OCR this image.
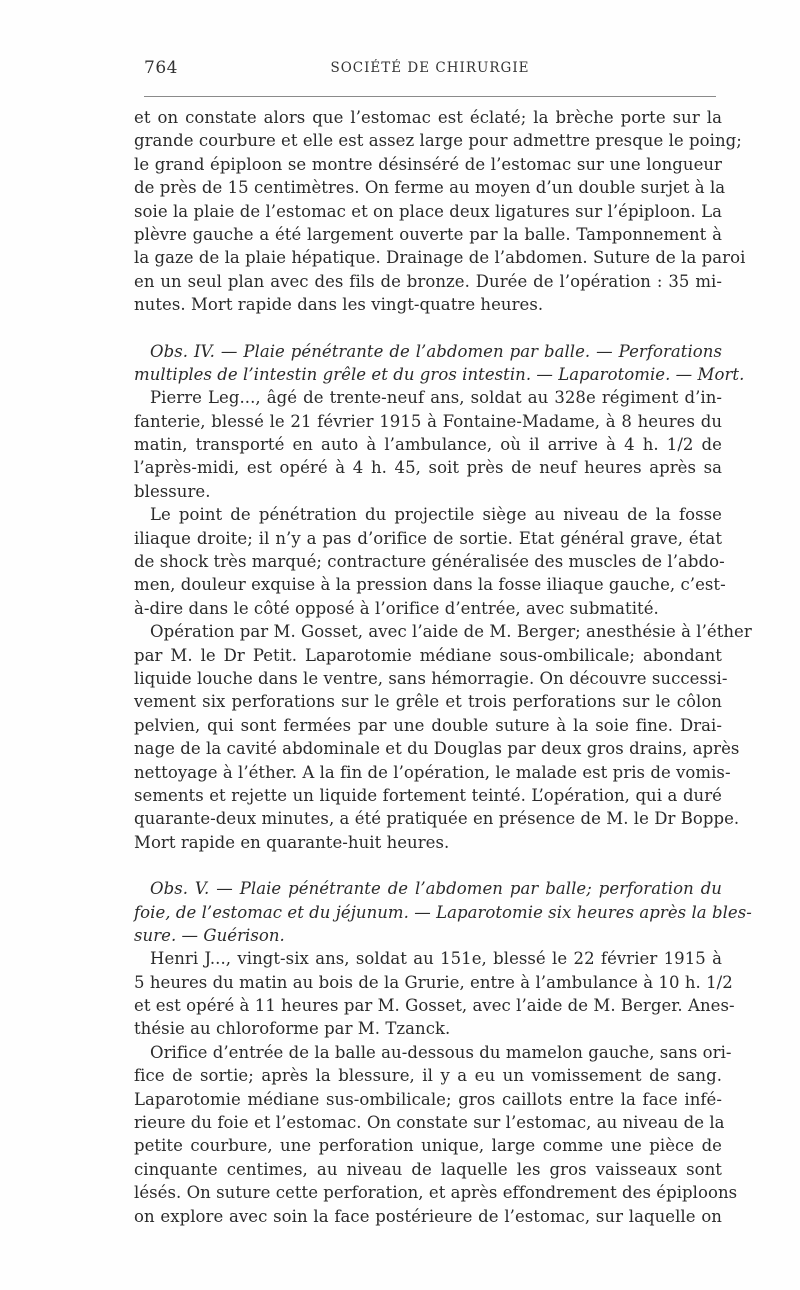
764	SOCIÉTÉ DE CHIRURGIE
et on constate alors que l’estomac est éclaté; la brèche porte sur la
grande courbure et elle est assez large pour admettre presque le poing;
le grand épiploon se montre désinséré de l’estomac sur une longueur
de près de 15 centimètres. On ferme au moyen d’un double surjet à la
soie la plaie de l’estomac et on place deux ligatures sur l’épiploon. La
plèvre gauche a été largement ouverte par la balle. Tamponnement à
la gaze de la plaie hépatique. Drainage de l’abdomen. Suture de la paroi
en un seul plan avec des fils de bronze. Durée de l’opération : 35 mi-
nutes. Mort rapide dans les vingt-quatre heures.
Obs. IV. — Plaie pénétrante de l’abdomen par balle. — Perforations
multiples de l’intestin grêle et du gros intestin. — Laparotomie. — Mort.
Pierre Leg..., âgé de trente-neuf ans, soldat au 328e régiment d’in-
fanterie, blessé le 21 février 1915 à Fontaine-Madame, à 8 heures du
matin, transporté en auto à l’ambulance, où il arrive à 4 h. 1/2 de
l’après-midi, est opéré à 4 h. 45, soit près de neuf heures après sa
blessure.
Le point de pénétration du projectile siège au niveau de la fosse
iliaque droite; il n’y a pas d’orifice de sortie. Etat général grave, état
de shock très marqué; contracture généralisée des muscles de l’abdo-
men, douleur exquise à la pression dans la fosse iliaque gauche, c’est-
à-dire dans le côté opposé à l’orifice d’entrée, avec submatité.
Opération par M. Gosset, avec l’aide de M. Berger; anesthésie à l’éther
par M. le Dr Petit. Laparotomie médiane sous-ombilicale; abondant
liquide louche dans le ventre, sans hémorragie. On découvre successi-
vement six perforations sur le grêle et trois perforations sur le côlon
pelvien, qui sont fermées par une double suture à la soie fine. Drai-
nage de la cavité abdominale et du Douglas par deux gros drains, après
nettoyage à l’éther. A la fin de l’opération, le malade est pris de vomis-
sements et rejette un liquide fortement teinté. L’opération, qui a duré
quarante-deux minutes, a été pratiquée en présence de M. le Dr Boppe.
Mort rapide en quarante-huit heures.
Obs. V. — Plaie pénétrante de l’abdomen par balle; perforation du
foie, de l’estomac et du jéjunum. — Laparotomie six heures après la bles-
sure. — Guérison.
Henri J..., vingt-six ans, soldat au 151e, blessé le 22 février 1915 à
5 heures du matin au bois de la Grurie, entre à l’ambulance à 10 h. 1/2
et est opéré à 11 heures par M. Gosset, avec l’aide de M. Berger. Anes-
thésie au chloroforme par M. Tzanck.
Orifice d’entrée de la balle au-dessous du mamelon gauche, sans ori-
fice de sortie; après la blessure, il y a eu un vomissement de sang.
Laparotomie médiane sus-ombilicale; gros caillots entre la face infé-
rieure du foie et l’estomac. On constate sur l’estomac, au niveau de la
petite courbure, une perforation unique, large comme une pièce de
cinquante centimes, au niveau de laquelle les gros vaisseaux sont
lésés. On suture cette perforation, et après effondrement des épiploons
on explore avec soin la face postérieure de l’estomac, sur laquelle on
